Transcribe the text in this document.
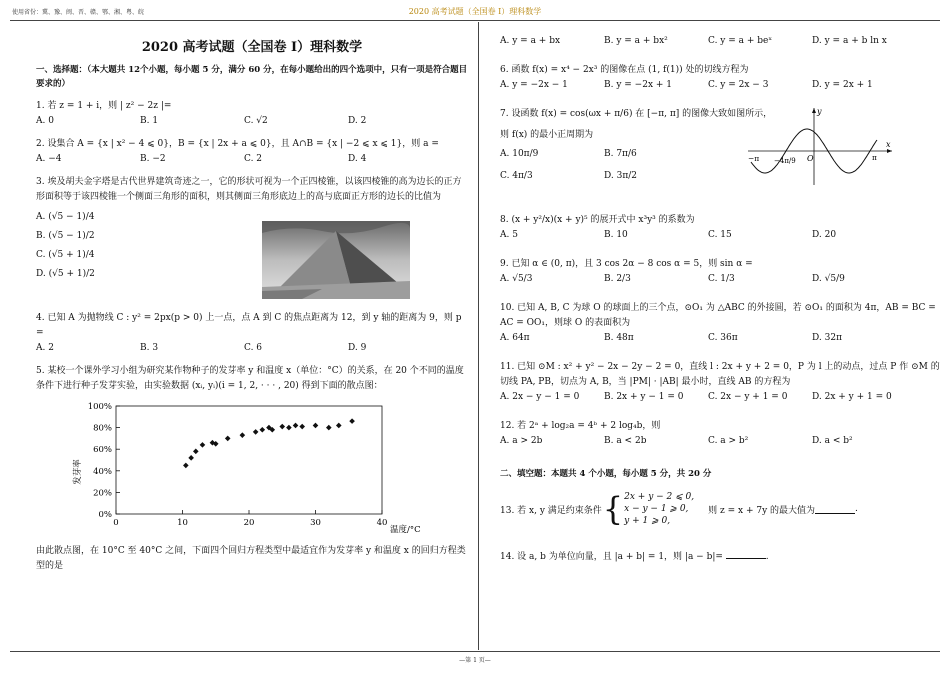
使用省份：冀、豫、闽、晋、赣、鄂、湘、粤、皖	2020 高考试题（全国卷 I）理科数学
—第 1 页—
2020 高考试题（全国卷 I）理科数学
一、选择题：（本大题共 12个小题，每小题 5 分，满分 60 分，在每小题给出的四个选项中，只有一项是符合题目要求的）
1. 若 z = 1 + i，则 | z² − 2z |=
A. 0	B. 1	C. √2	D. 2
2. 设集合 A = {x | x² − 4 ⩽ 0}，B = {x | 2x + a ⩽ 0}，且 A∩B = {x | −2 ⩽ x ⩽ 1}，则 a =
A. −4	B. −2	C. 2	D. 4
3. 埃及胡夫金字塔是古代世界建筑奇迹之一，它的形状可视为一个正四棱锥，以该四棱锥的高为边长的正方形面积等于该四棱锥一个侧面三角形的面积，则其侧面三角形底边上的高与底面正方形的边长的比值为
A. (√5 − 1)/4
B. (√5 − 1)/2
C. (√5 + 1)/4
D. (√5 + 1)/2
4. 已知 A 为抛物线 C : y² = 2px(p > 0) 上一点，点 A 到 C 的焦点距离为 12，到 y 轴的距离为 9，则 p =
A. 2	B. 3	C. 6	D. 9
5. 某校一个课外学习小组为研究某作物种子的发芽率 y 和温度 x（单位：°C）的关系，在 20 个不同的温度条件下进行种子发芽实验，由实验数据 (xᵢ, yᵢ)(i = 1, 2, · · · , 20) 得到下面的散点图：
0%
20%
40%
60%
80%
100%
0	10	20	30	40
发芽率
温度/°C
由此散点图，在 10°C 至 40°C 之间，下面四个回归方程类型中最适宜作为发芽率 y 和温度 x 的回归方程类型的是
A. y = a + bx	B. y = a + bx²	C. y = a + beˣ	D. y = a + b ln x
6. 函数 f(x) = x⁴ − 2x³ 的图像在点 (1, f(1)) 处的切线方程为
A. y = −2x − 1	B. y = −2x + 1	C. y = 2x − 3	D. y = 2x + 1
7. 设函数 f(x) = cos(ωx + π/6) 在 [−π, π] 的图像大致如图所示，
则 f(x) 的最小正周期为
A. 10π/9	B. 7π/6
C. 4π/3	D. 3π/2
y
x
O
−π	π
−4π/9
8. (x + y²/x)(x + y)⁵ 的展开式中 x³y³ 的系数为
A. 5	B. 10	C. 15	D. 20
9. 已知 α ∈ (0, π)，且 3 cos 2α − 8 cos α = 5，则 sin α =
A. √5/3	B. 2/3	C. 1/3	D. √5/9
10. 已知 A, B, C 为球 O 的球面上的三个点，⊙O₁ 为 △ABC 的外接圆，若 ⊙O₁ 的面积为 4π，AB = BC = AC = OO₁，则球 O 的表面积为
A. 64π	B. 48π	C. 36π	D. 32π
11. 已知 ⊙M : x² + y² − 2x − 2y − 2 = 0，直线 l : 2x + y + 2 = 0，P 为 l 上的动点，过点 P 作 ⊙M 的切线 PA, PB，切点为 A, B，当 |PM| · |AB| 最小时，直线 AB 的方程为
A. 2x − y − 1 = 0	B. 2x + y − 1 = 0	C. 2x − y + 1 = 0	D. 2x + y + 1 = 0
12. 若 2ᵃ + log₂a = 4ᵇ + 2 log₄b，则
A. a > 2b	B. a < 2b	C. a > b²	D. a < b²
二、填空题：本题共 4 个小题，每小题 5 分，共 20 分
13. 若 x, y 满足约束条件 { 2x + y − 2 ⩽ 0,
x − y − 1 ⩾ 0,
y + 1 ⩾ 0,
则 z = x + 7y 的最大值为	.
14. 设 a, b 为单位向量，且 |a + b| = 1，则 |a − b|=	.
